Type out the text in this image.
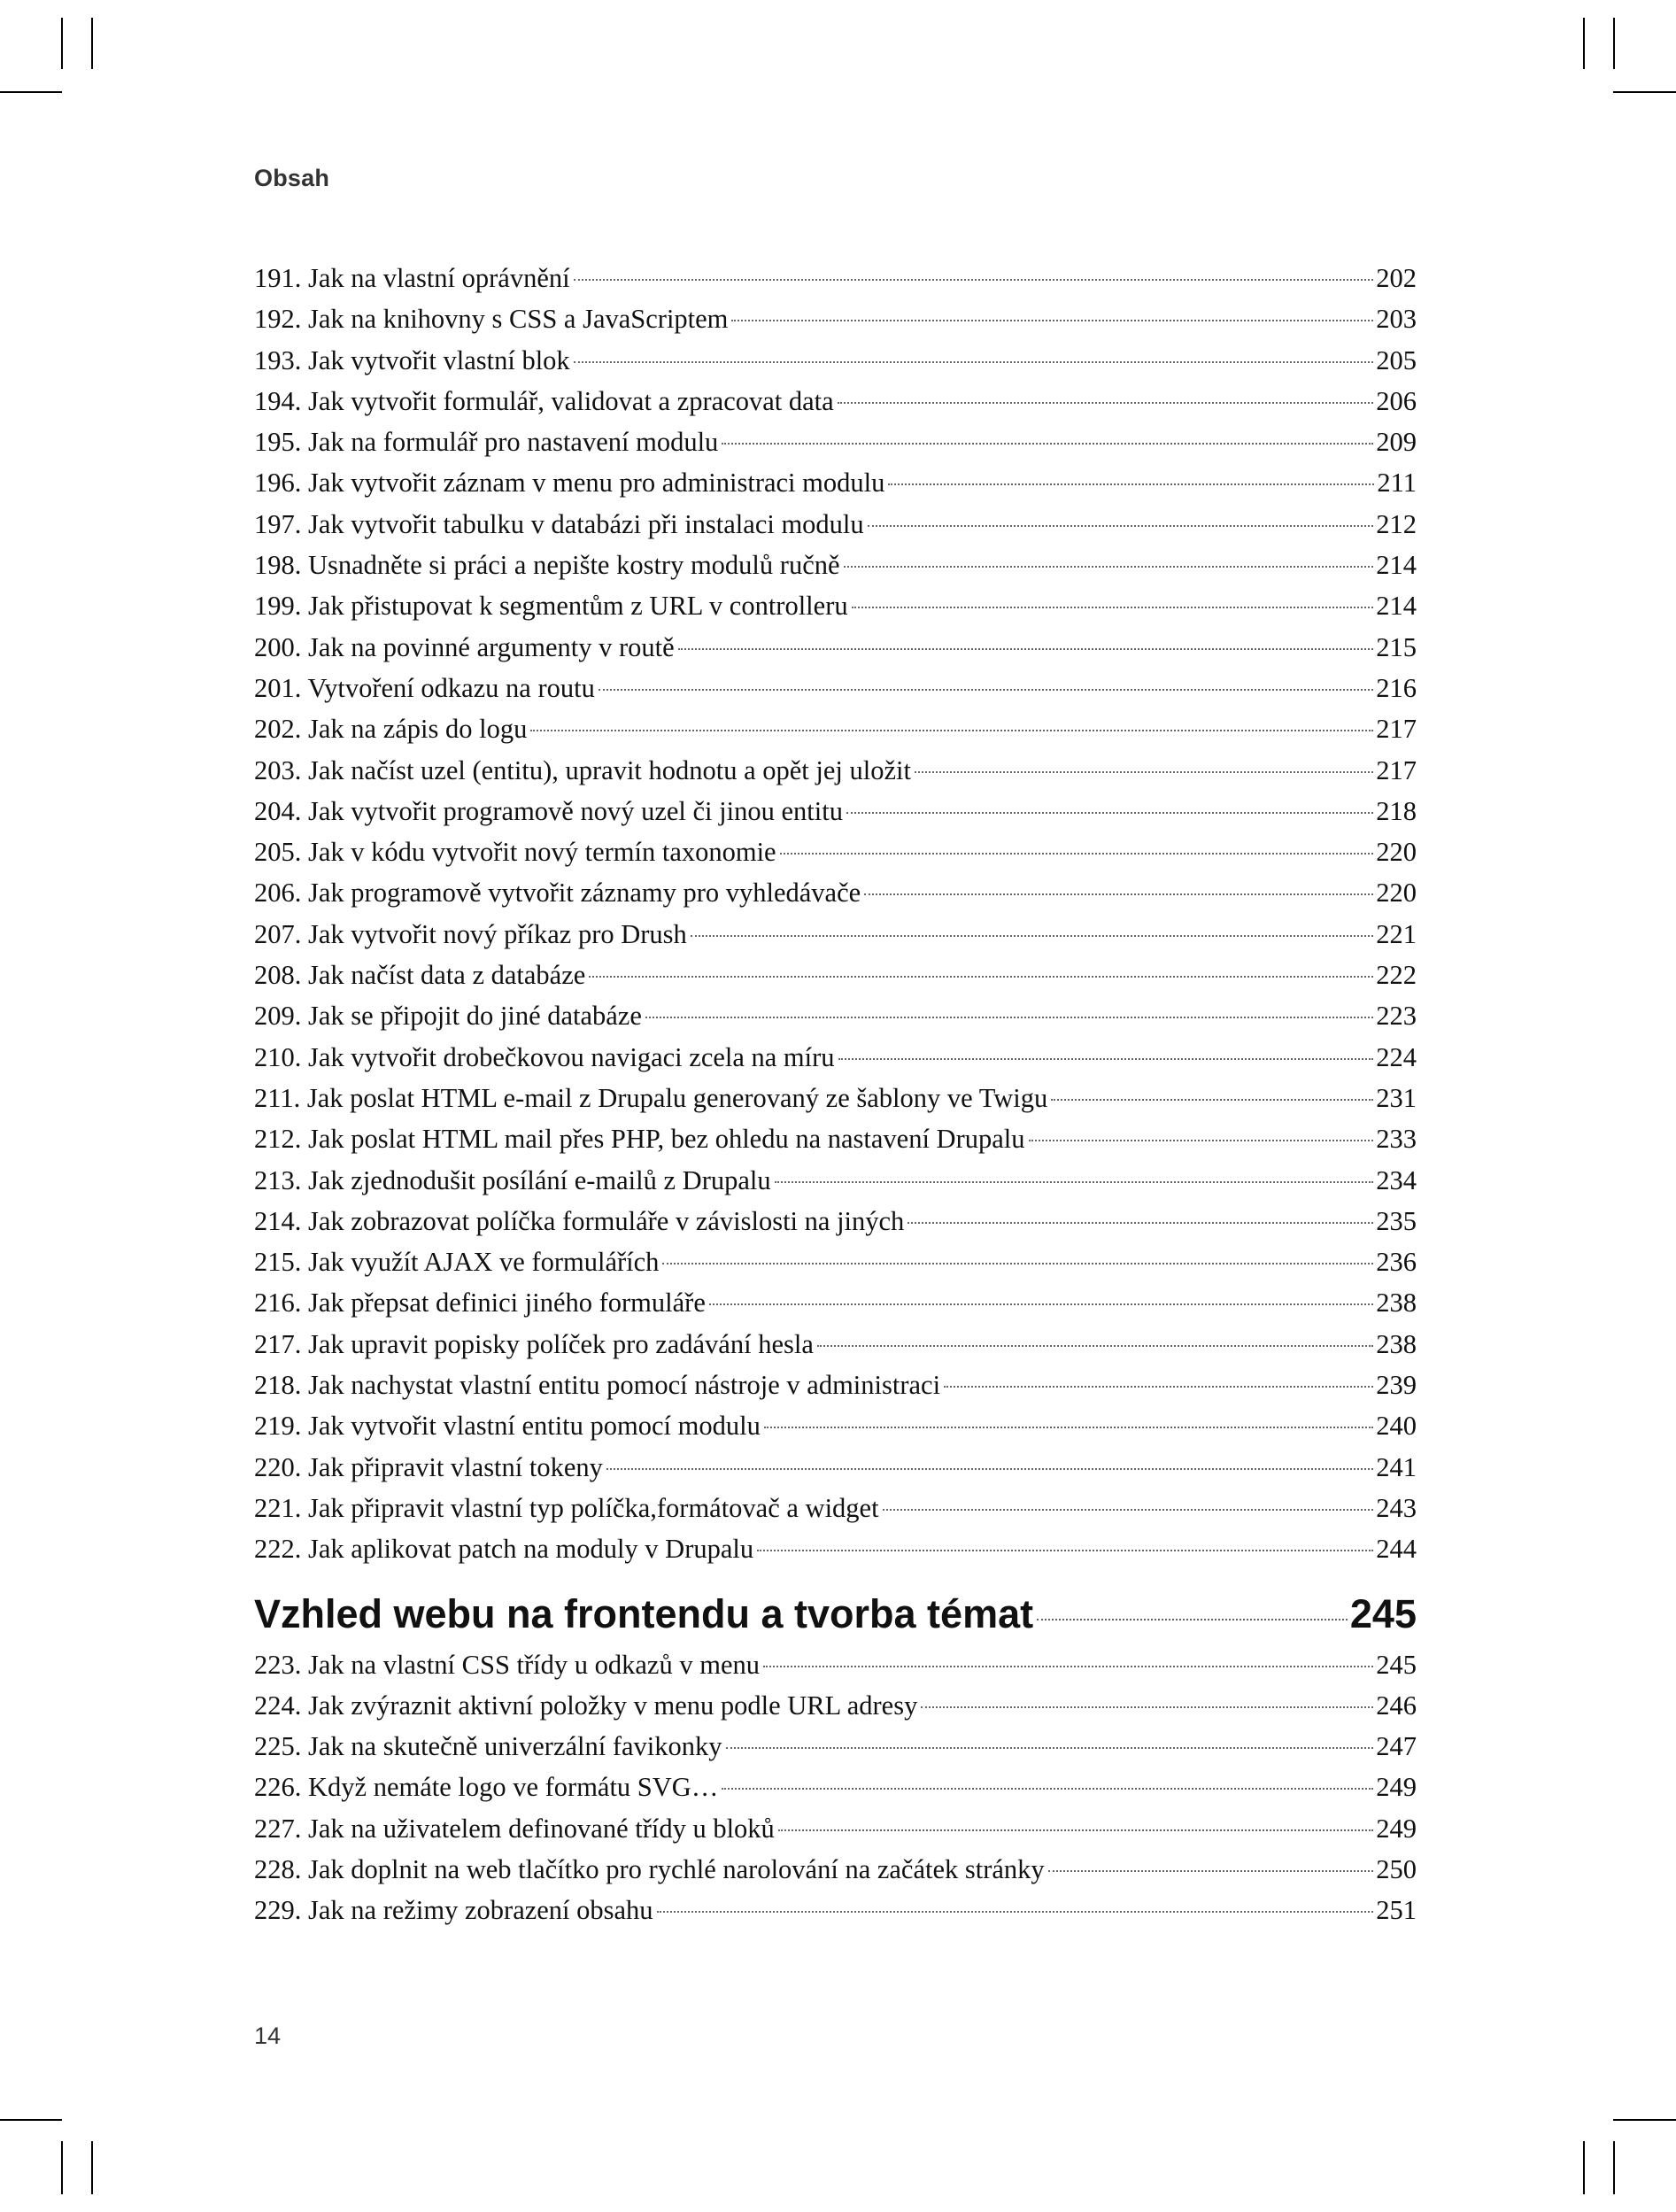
Obsah
191. Jak na vlastní oprávnění	202
192. Jak na knihovny s CSS a JavaScriptem	203
193. Jak vytvořit vlastní blok	205
194. Jak vytvořit formulář, validovat a zpracovat data	206
195. Jak na formulář pro nastavení modulu	209
196. Jak vytvořit záznam v menu pro administraci modulu	211
197. Jak vytvořit tabulku v databázi při instalaci modulu	212
198. Usnadněte si práci a nepište kostry modulů ručně	214
199. Jak přistupovat k segmentům z URL v controlleru	214
200. Jak na povinné argumenty v routě	215
201. Vytvoření odkazu na routu	216
202. Jak na zápis do logu	217
203. Jak načíst uzel (entitu), upravit hodnotu a opět jej uložit	217
204. Jak vytvořit programově nový uzel či jinou entitu	218
205. Jak v kódu vytvořit nový termín taxonomie	220
206. Jak programově vytvořit záznamy pro vyhledávače	220
207. Jak vytvořit nový příkaz pro Drush	221
208. Jak načíst data z databáze	222
209. Jak se připojit do jiné databáze	223
210. Jak vytvořit drobečkovou navigaci zcela na míru	224
211. Jak poslat HTML e-mail z Drupalu generovaný ze šablony ve Twigu	231
212. Jak poslat HTML mail přes PHP, bez ohledu na nastavení Drupalu	233
213. Jak zjednodušit posílání e-mailů z Drupalu	234
214. Jak zobrazovat políčka formuláře v závislosti na jiných	235
215. Jak využít AJAX ve formulářích	236
216. Jak přepsat definici jiného formuláře	238
217. Jak upravit popisky políček pro zadávání hesla	238
218. Jak nachystat vlastní entitu pomocí nástroje v administraci	239
219. Jak vytvořit vlastní entitu pomocí modulu	240
220. Jak připravit vlastní tokeny	241
221. Jak připravit vlastní typ políčka,formátovač a widget	243
222. Jak aplikovat patch na moduly v Drupalu	244
Vzhled webu na frontendu a tvorba témat	245
223. Jak na vlastní CSS třídy u odkazů v menu	245
224. Jak zvýraznit aktivní položky v menu podle URL adresy	246
225. Jak na skutečně univerzální favikonky	247
226. Když nemáte logo ve formátu SVG…	249
227. Jak na uživatelem definované třídy u bloků	249
228. Jak doplnit na web tlačítko pro rychlé narolování na začátek stránky	250
229. Jak na režimy zobrazení obsahu	251
14
